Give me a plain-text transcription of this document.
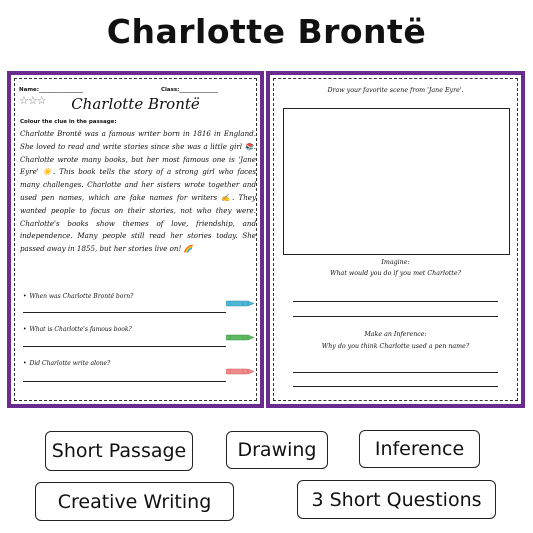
Charlotte Brontë
Name:________________	Class:______________
☆☆☆	Charlotte Brontë
Colour the clue in the passage:
Charlotte Brontë was a famous writer born in 1816 in England. She loved to read and write stories since she was a little girl 📚. Charlotte wrote many books, but her most famous one is 'Jane Eyre' ☀️. This book tells the story of a strong girl who faces many challenges. Charlotte and her sisters wrote together and used pen names, which are fake names for writers ✍️. They wanted people to focus on their stories, not who they were. Charlotte's books show themes of love, friendship, and independence. Many people still read her stories today. She passed away in 1855, but her stories live on! 🌈
• When was Charlotte Brontë born?
• What is Charlotte's famous book?
• Did Charlotte write alone?
Draw your favorite scene from 'Jane Eyre'.
Imagine:
What would you do if you met Charlotte?
Make an Inference:
Why do you think Charlotte used a pen name?
Short Passage	Drawing	Inference
Creative Writing	3 Short Questions
